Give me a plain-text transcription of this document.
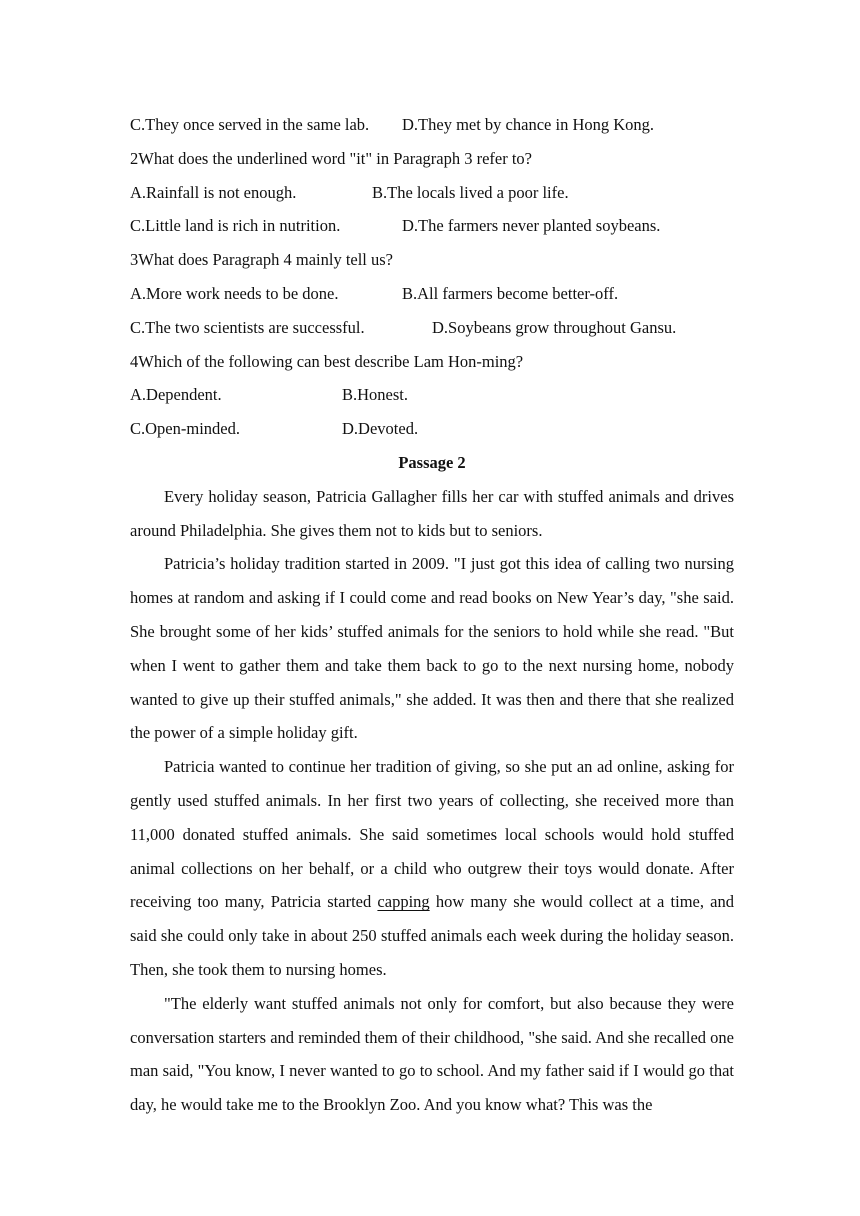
C.They once served in the same lab. D.They met by chance in Hong Kong.
2What does the underlined word "it" in Paragraph 3 refer to?
A.Rainfall is not enough.	B.The locals lived a poor life.
C.Little land is rich in nutrition.	D.The farmers never planted soybeans.
3What does Paragraph 4 mainly tell us?
A.More work needs to be done.	B.All farmers become better-off.
C.The two scientists are successful.	D.Soybeans grow throughout Gansu.
4Which of the following can best describe Lam Hon-ming?
A.Dependent.	B.Honest.
C.Open-minded.	D.Devoted.
Passage 2

Every holiday season, Patricia Gallagher fills her car with stuffed animals and drives around Philadelphia. She gives them not to kids but to seniors.

Patricia’s holiday tradition started in 2009. "I just got this idea of calling two nursing homes at random and asking if I could come and read books on New Year’s day, "she said. She brought some of her kids’ stuffed animals for the seniors to hold while she read. "But when I went to gather them and take them back to go to the next nursing home, nobody wanted to give up their stuffed animals," she added. It was then and there that she realized the power of a simple holiday gift.

Patricia wanted to continue her tradition of giving, so she put an ad online, asking for gently used stuffed animals. In her first two years of collecting, she received more than 11,000 donated stuffed animals. She said sometimes local schools would hold stuffed animal collections on her behalf, or a child who outgrew their toys would donate. After receiving too many, Patricia started capping how many she would collect at a time, and said she could only take in about 250 stuffed animals each week during the holiday season. Then, she took them to nursing homes.

"The elderly want stuffed animals not only for comfort, but also because they were conversation starters and reminded them of their childhood, "she said. And she recalled one man said, "You know, I never wanted to go to school. And my father said if I would go that day, he would take me to the Brooklyn Zoo. And you know what? This was the
